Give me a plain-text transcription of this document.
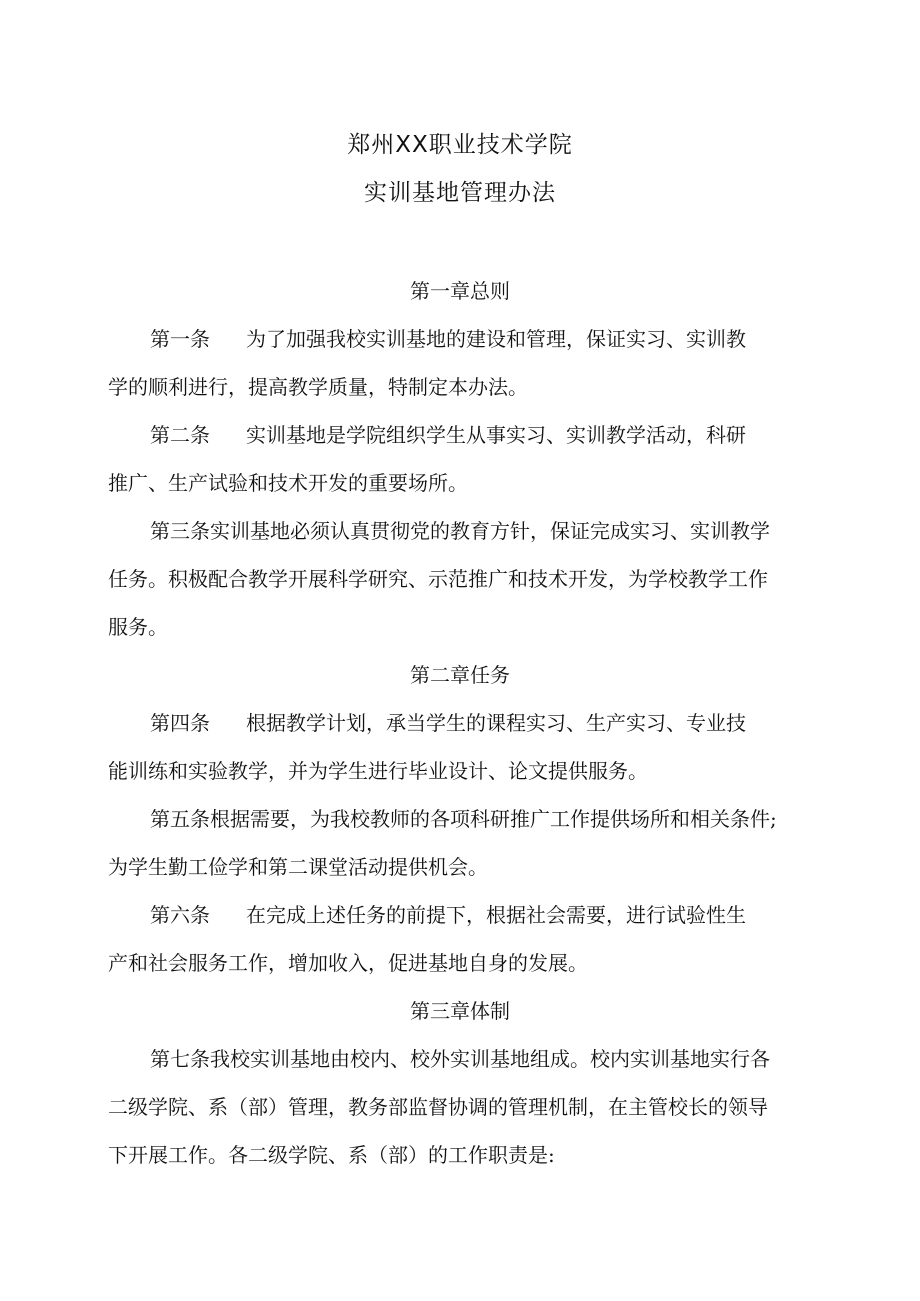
郑州XX职业技术学院
实训基地管理办法
第一章总则
第一条 为了加强我校实训基地的建设和管理，保证实习、实训教
学的顺利进行，提高教学质量，特制定本办法。
第二条 实训基地是学院组织学生从事实习、实训教学活动，科研
推广、生产试验和技术开发的重要场所。
第三条实训基地必须认真贯彻党的教育方针，保证完成实习、实训教学
任务。积极配合教学开展科学研究、示范推广和技术开发，为学校教学工作
服务。
第二章任务
第四条 根据教学计划，承当学生的课程实习、生产实习、专业技
能训练和实验教学，并为学生进行毕业设计、论文提供服务。
第五条根据需要，为我校教师的各项科研推广工作提供场所和相关条件;
为学生勤工俭学和第二课堂活动提供机会。
第六条 在完成上述任务的前提下，根据社会需要，进行试验性生
产和社会服务工作，增加收入，促进基地自身的发展。
第三章体制
第七条我校实训基地由校内、校外实训基地组成。校内实训基地实行各
二级学院、系（部）管理，教务部监督协调的管理机制，在主管校长的领导
下开展工作。各二级学院、系（部）的工作职责是:
